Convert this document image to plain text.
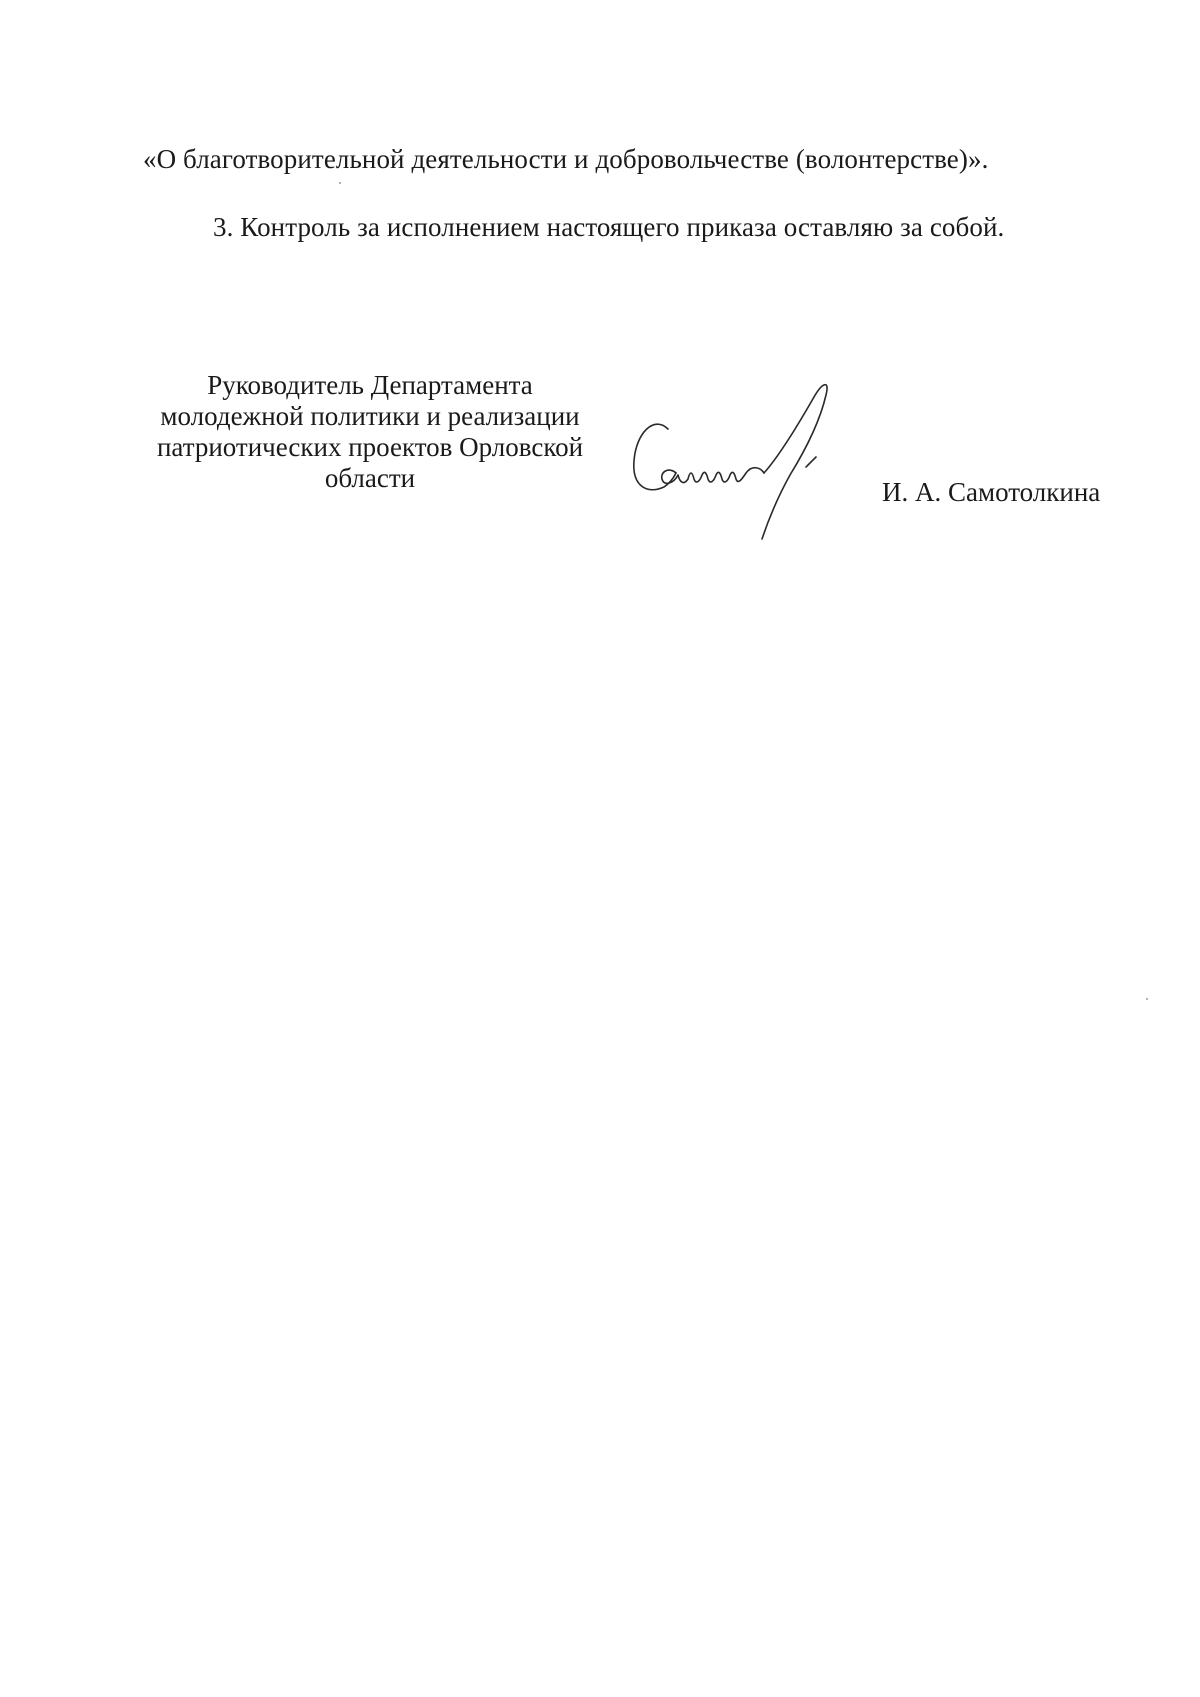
«О благотворительной деятельности и добровольчестве (волонтерстве)».
3. Контроль за исполнением настоящего приказа оставляю за собой.
Руководитель Департамента
молодежной политики и реализации
патриотических проектов Орловской
области	И. А. Самотолкина
